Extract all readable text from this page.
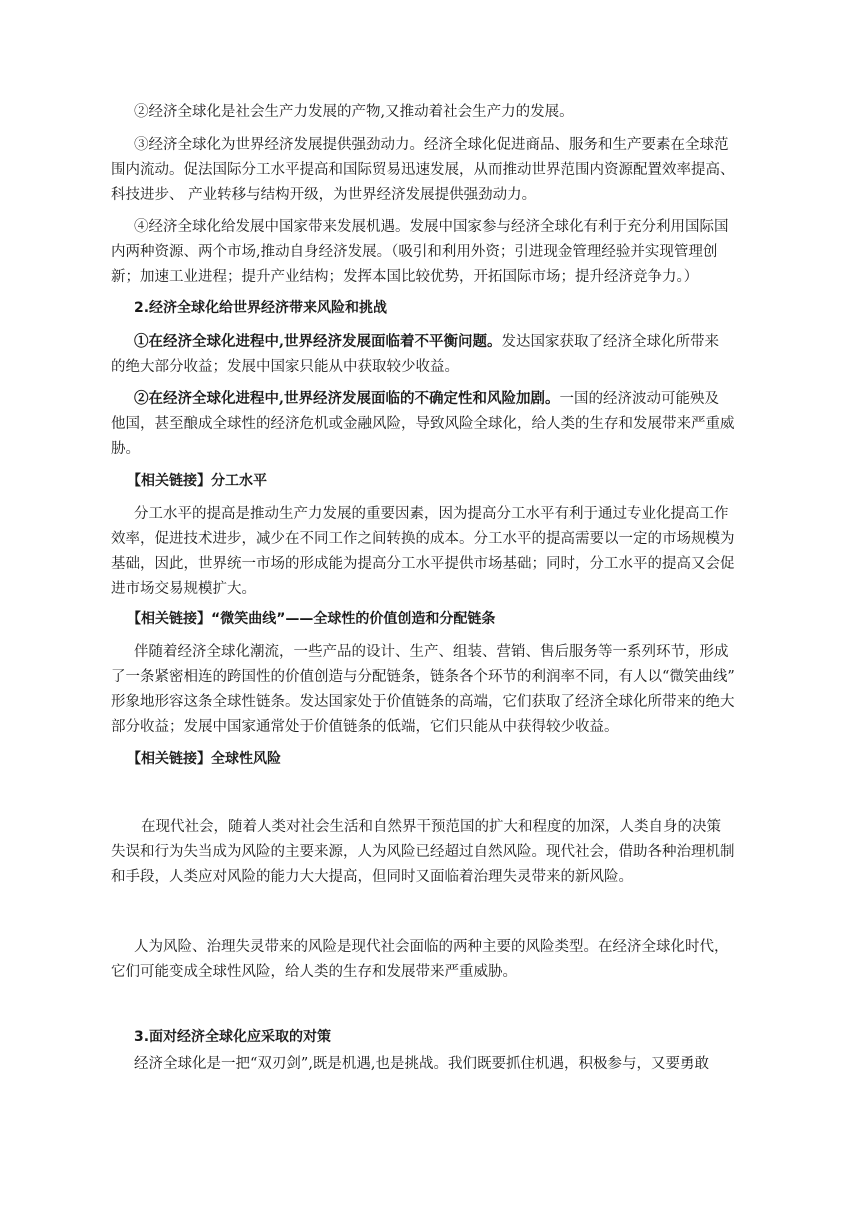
②经济全球化是社会生产力发展的产物,又推动着社会生产力的发展。
③经济全球化为世界经济发展提供强劲动力。经济全球化促进商品、服务和生产要素在全球范
围内流动。促法国际分工水平提高和国际贸易迅速发展，从而推动世界范围内资源配置效率提高、
科技进步、 产业转移与结构开级，为世界经济发展提供强劲动力。
④经济全球化给发展中国家带来发展机遇。发展中国家参与经济全球化有利于充分利用国际国
内两种资源、两个市场,推动自身经济发展。（吸引和利用外资；引进现金管理经验并实现管理创
新；加速工业进程；提升产业结构；发挥本国比较优势，开拓国际市场；提升经济竞争力。）
2.经济全球化给世界经济带来风险和挑战
①在经济全球化进程中,世界经济发展面临着不平衡问题。发达国家获取了经济全球化所带来
的绝大部分收益；发展中国家只能从中获取较少收益。
②在经济全球化进程中,世界经济发展面临的不确定性和风险加剧。一国的经济波动可能殃及
他国，甚至酿成全球性的经济危机或金融风险，导致风险全球化，给人类的生存和发展带来严重威
胁。
【相关链接】分工水平
分工水平的提高是推动生产力发展的重要因素，因为提高分工水平有利于通过专业化提高工作
效率，促进技术进步，减少在不同工作之间转换的成本。分工水平的提高需要以一定的市场规模为
基础，因此，世界统一市场的形成能为提高分工水平提供市场基础；同时，分工水平的提高又会促
进市场交易规模扩大。
【相关链接】“微笑曲线”——全球性的价值创造和分配链条
伴随着经济全球化潮流，一些产品的设计、生产、组装、营销、售后服务等一系列环节，形成
了一条紧密相连的跨国性的价值创造与分配链条，链条各个环节的利润率不同，有人以“微笑曲线”
形象地形容这条全球性链条。发达国家处于价值链条的高端，它们获取了经济全球化所带来的绝大
部分收益；发展中国家通常处于价值链条的低端，它们只能从中获得较少收益。
【相关链接】全球性风险
在现代社会，随着人类对社会生活和自然界干预范国的扩大和程度的加深，人类自身的决策
失误和行为失当成为风险的主要来源，人为风险已经超过自然风险。现代社会，借助各种治理机制
和手段，人类应对风险的能力大大提高，但同时又面临着治理失灵带来的新风险。
人为风险、治理失灵带来的风险是现代社会面临的两种主要的风险类型。在经济全球化时代，
它们可能变成全球性风险，给人类的生存和发展带来严重威胁。
3.面对经济全球化应采取的对策
经济全球化是一把“双刃剑”,既是机遇,也是挑战。我们既要抓住机遇，积极参与，又要勇敢
